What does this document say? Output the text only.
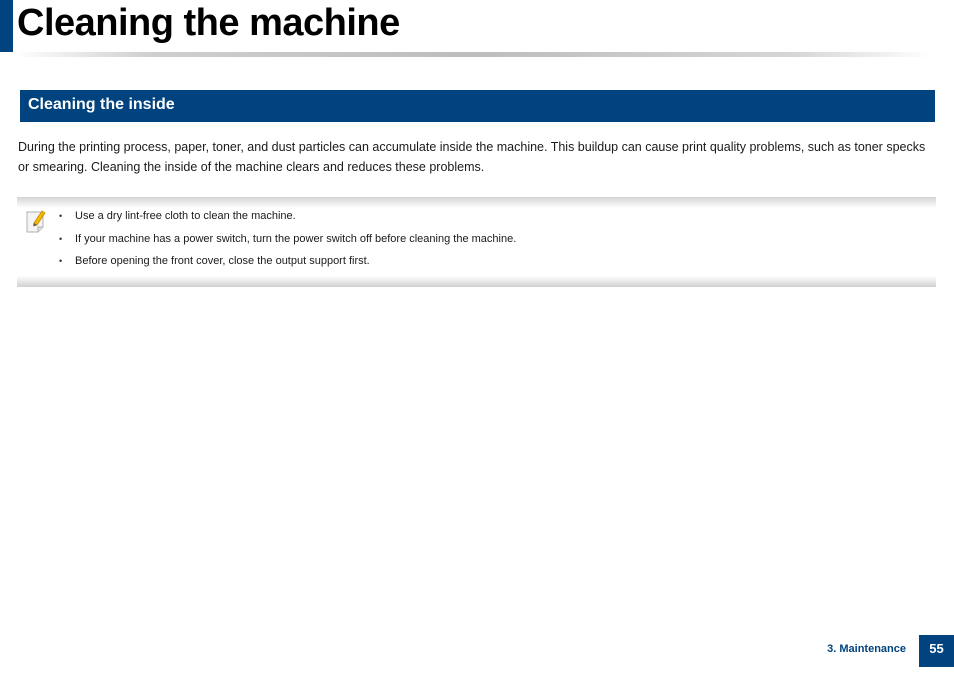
Cleaning the machine
Cleaning the inside

During the printing process, paper, toner, and dust particles can accumulate inside the machine. This buildup can cause print quality problems, such as toner specks or smearing. Cleaning the inside of the machine clears and reduces these problems.

• Use a dry lint-free cloth to clean the machine.
• If your machine has a power switch, turn the power switch off before cleaning the machine.
• Before opening the front cover, close the output support first.
3. Maintenance	55
